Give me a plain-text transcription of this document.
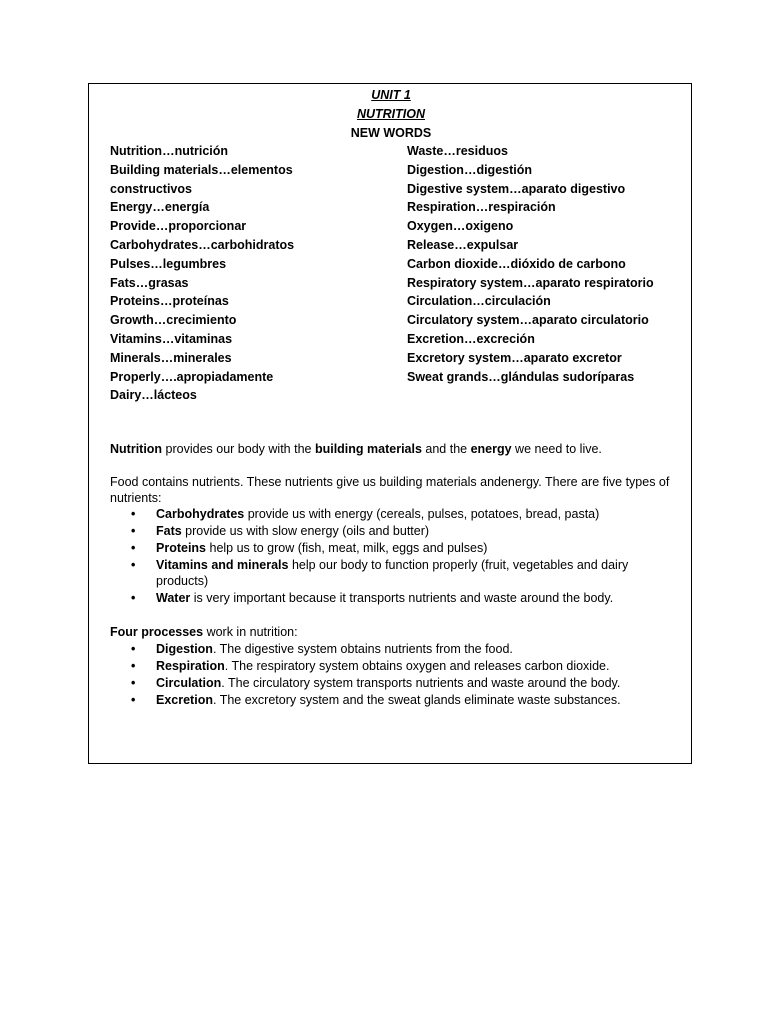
UNIT 1
NUTRITION
NEW WORDS
Nutrition…nutrición
Building materials…elementos
constructivos
Energy…energía
Provide…proporcionar
Carbohydrates…carbohidratos
Pulses…legumbres
Fats…grasas
Proteins…proteínas
Growth…crecimiento
Vitamins…vitaminas
Minerals…minerales
Properly….apropiadamente
Dairy…lácteos
Waste…residuos
Digestion…digestión
Digestive system…aparato digestivo
Respiration…respiración
Oxygen…oxigeno
Release…expulsar
Carbon dioxide…dióxido de carbono
Respiratory system…aparato respiratorio
Circulation…circulación
Circulatory system…aparato circulatorio
Excretion…excreción
Excretory system…aparato excretor
Sweat grands…glándulas sudoríparas

Nutrition provides our body with the building materials and the energy we need to live.

Food contains nutrients. These nutrients give us building materials andenergy. There are five types of nutrients:

• Carbohydrates provide us with energy (cereals, pulses, potatoes, bread, pasta)
• Fats provide us with slow energy (oils and butter)
• Proteins help us to grow (fish, meat, milk, eggs and pulses)
• Vitamins and minerals help our body to function properly (fruit, vegetables and dairy products)
• Water is very important because it transports nutrients and waste around the body.

Four processes work in nutrition:

• Digestion. The digestive system obtains nutrients from the food.
• Respiration. The respiratory system obtains oxygen and releases carbon dioxide.
• Circulation. The circulatory system transports nutrients and waste around the body.
• Excretion. The excretory system and the sweat glands eliminate waste substances.
